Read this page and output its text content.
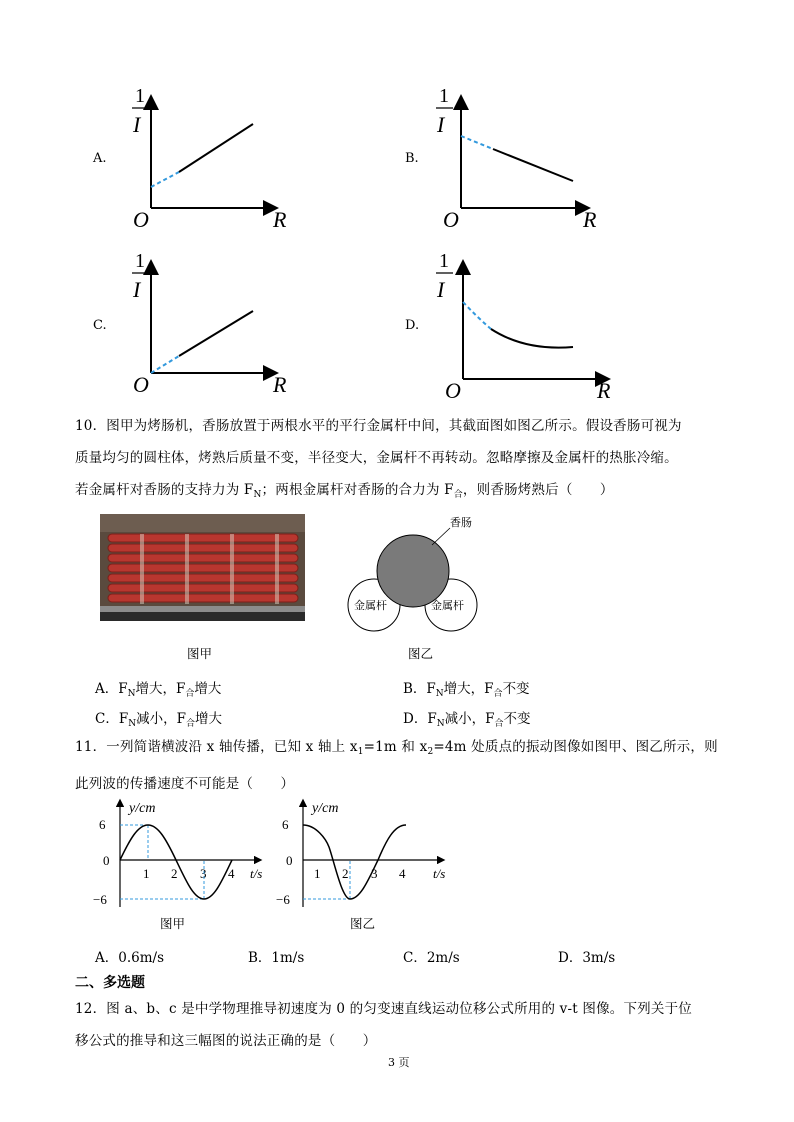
A.	B.
C.	D.
1
I
O	R
1
I
O	R
1
I
O	R
1
I
O	R
10．图甲为烤肠机，香肠放置于两根水平的平行金属杆中间，其截面图如图乙所示。假设香肠可视为
质量均匀的圆柱体，烤熟后质量不变，半径变大，金属杆不再转动。忽略摩擦及金属杆的热胀冷缩。
若金属杆对香肠的支持力为 $F_N$；两根金属杆对香肠的合力为 $F_合$，则香肠烤熟后（　　）
图甲
香肠
金属杆	金属杆
图乙
A．$F_N$增大，$F_合$增大	B．$F_N$增大，$F_合$不变
C．$F_N$减小，$F_合$增大	D．$F_N$减小，$F_合$不变
11．一列简谐横波沿 x 轴传播，已知 x 轴上 $x_1=1m$ 和 $x_2=4m$ 处质点的振动图像如图甲、图乙所示，则
此列波的传播速度不可能是（　　）
y/cm
6
0
−6
t/s
1 2 3 4
图甲
y/cm
6
0
−6
t/s
1 2 3 4
图乙
A．0.6m/s	B．1m/s	C．2m/s	D．3m/s
二、多选题
12．图 a、b、c 是中学物理推导初速度为 0 的匀变速直线运动位移公式所用的 v-t 图像。下列关于位
移公式的推导和这三幅图的说法正确的是（　　）
3 页
